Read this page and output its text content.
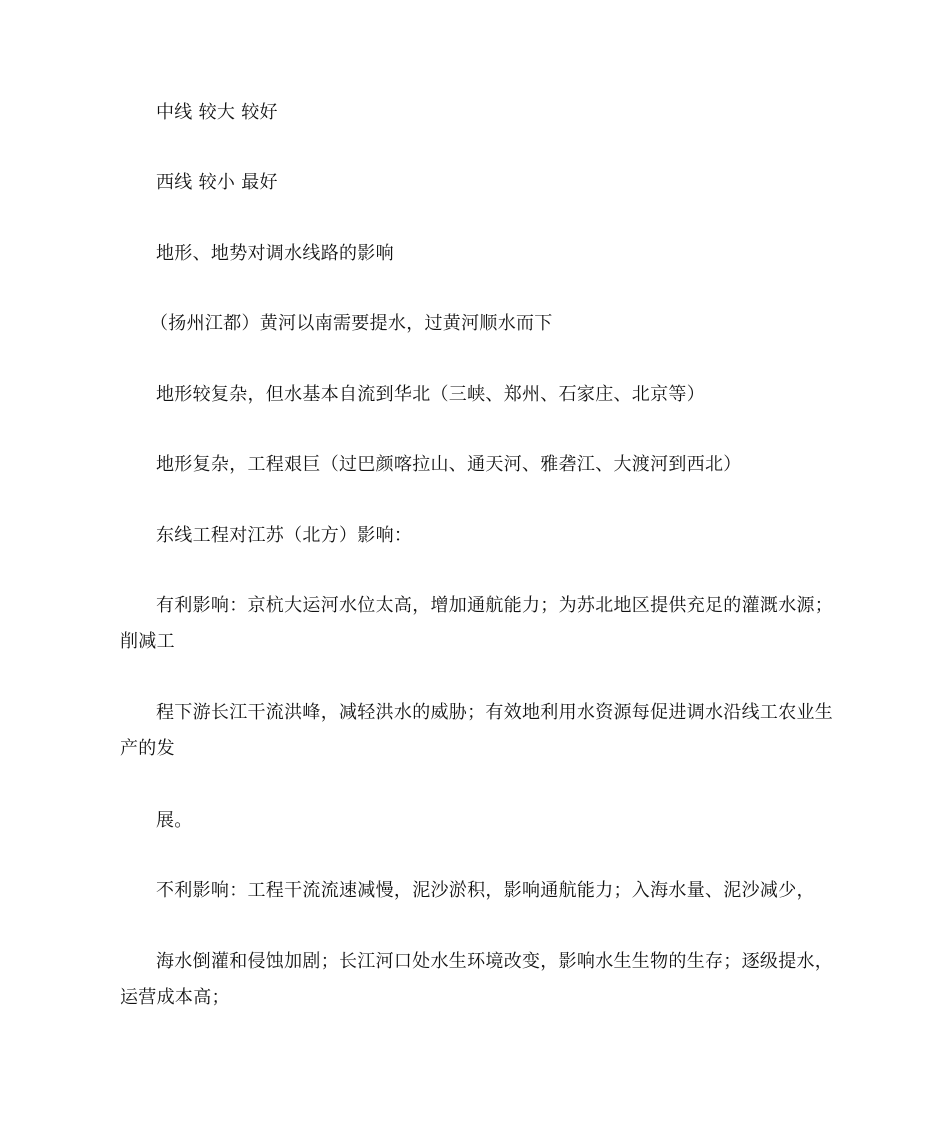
中线 较大 较好
西线 较小 最好
地形、地势对调水线路的影响
（扬州江都）黄河以南需要提水，过黄河顺水而下
地形较复杂，但水基本自流到华北（三峡、郑州、石家庄、北京等）
地形复杂，工程艰巨（过巴颜喀拉山、通天河、雅砻江、大渡河到西北）
东线工程对江苏（北方）影响：
有利影响：京杭大运河水位太高，增加通航能力；为苏北地区提供充足的灌溉水源；削减工
程下游长江干流洪峰，减轻洪水的威胁；有效地利用水资源每促进调水沿线工农业生产的发
展。
不利影响：工程干流流速减慢，泥沙淤积，影响通航能力；入海水量、泥沙减少，
海水倒灌和侵蚀加剧；长江河口处水生环境改变，影响水生生物的生存；逐级提水，运营成本高；
